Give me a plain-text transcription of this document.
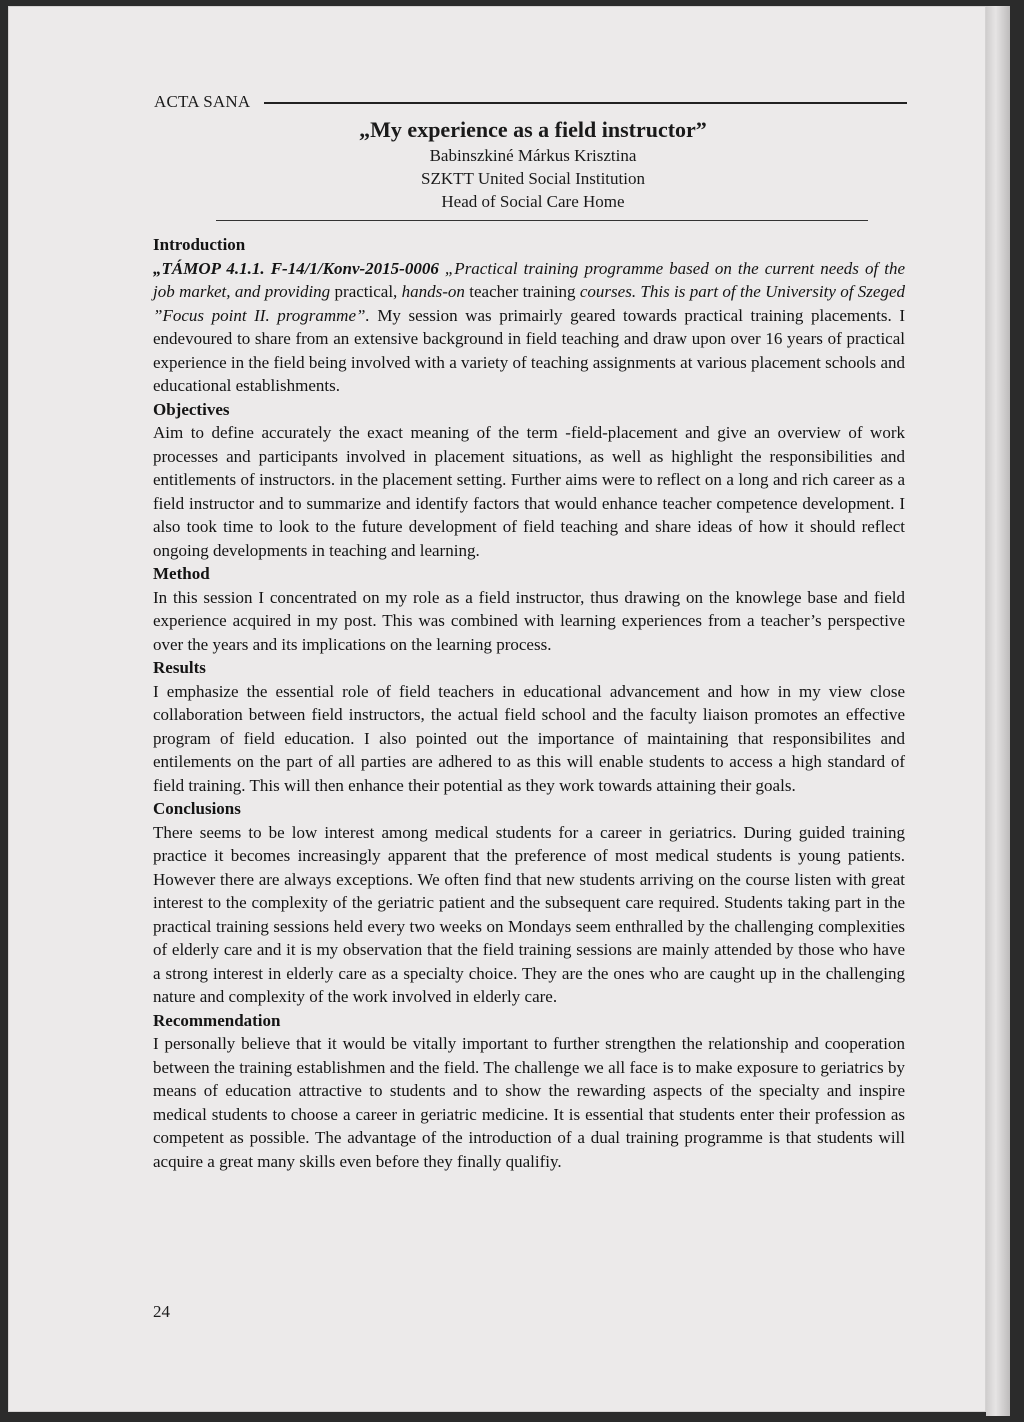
ACTA SANA
„My experience as a field instructor”
Babinszkiné Márkus Krisztina
SZKTT United Social Institution
Head of Social Care Home

Introduction

„TÁMOP 4.1.1. F-14/1/Konv-2015-0006 „Practical training programme based on the current needs of the job market, and providing practical, hands-on teacher training courses. This is part of the University of Szeged ”Focus point II. programme”. My session was primairly geared towards practical training placements. I endevoured to share from an extensive background in field teaching and draw upon over 16 years of practical experience in the field being involved with a variety of teaching assignments at various placement schools and educational establishments.

Objectives

Aim to define accurately the exact meaning of the term -field-placement and give an overview of work processes and participants involved in placement situations, as well as highlight the responsibilities and entitlements of instructors. in the placement setting. Further aims were to reflect on a long and rich career as a field instructor and to summarize and identify factors that would enhance teacher competence development. I also took time to look to the future development of field teaching and share ideas of how it should reflect ongoing developments in teaching and learning.

Method

In this session I concentrated on my role as a field instructor, thus drawing on the knowlege base and field experience acquired in my post. This was combined with learning experiences from a teacher’s perspective over the years and its implications on the learning process.

Results

I emphasize the essential role of field teachers in educational advancement and how in my view close collaboration between field instructors, the actual field school and the faculty liaison promotes an effective program of field education. I also pointed out the importance of maintaining that responsibilites and entilements on the part of all parties are adhered to as this will enable students to access a high standard of field training. This will then enhance their potential as they work towards attaining their goals.

Conclusions

There seems to be low interest among medical students for a career in geriatrics. During guided training practice it becomes increasingly apparent that the preference of most medical students is young patients. However there are always exceptions. We often find that new students arriving on the course listen with great interest to the complexity of the geriatric patient and the subsequent care required. Students taking part in the practical training sessions held every two weeks on Mondays seem enthralled by the challenging complexities of elderly care and it is my observation that the field training sessions are mainly attended by those who have a strong interest in elderly care as a specialty choice. They are the ones who are caught up in the challenging nature and complexity of the work involved in elderly care.

Recommendation

I personally believe that it would be vitally important to further strengthen the relationship and cooperation between the training establishmen and the field. The challenge we all face is to make exposure to geriatrics by means of education attractive to students and to show the rewarding aspects of the specialty and inspire medical students to choose a career in geriatric medicine. It is essential that students enter their profession as competent as possible. The advantage of the introduction of a dual training programme is that students will acquire a great many skills even before they finally qualifiy.

24
